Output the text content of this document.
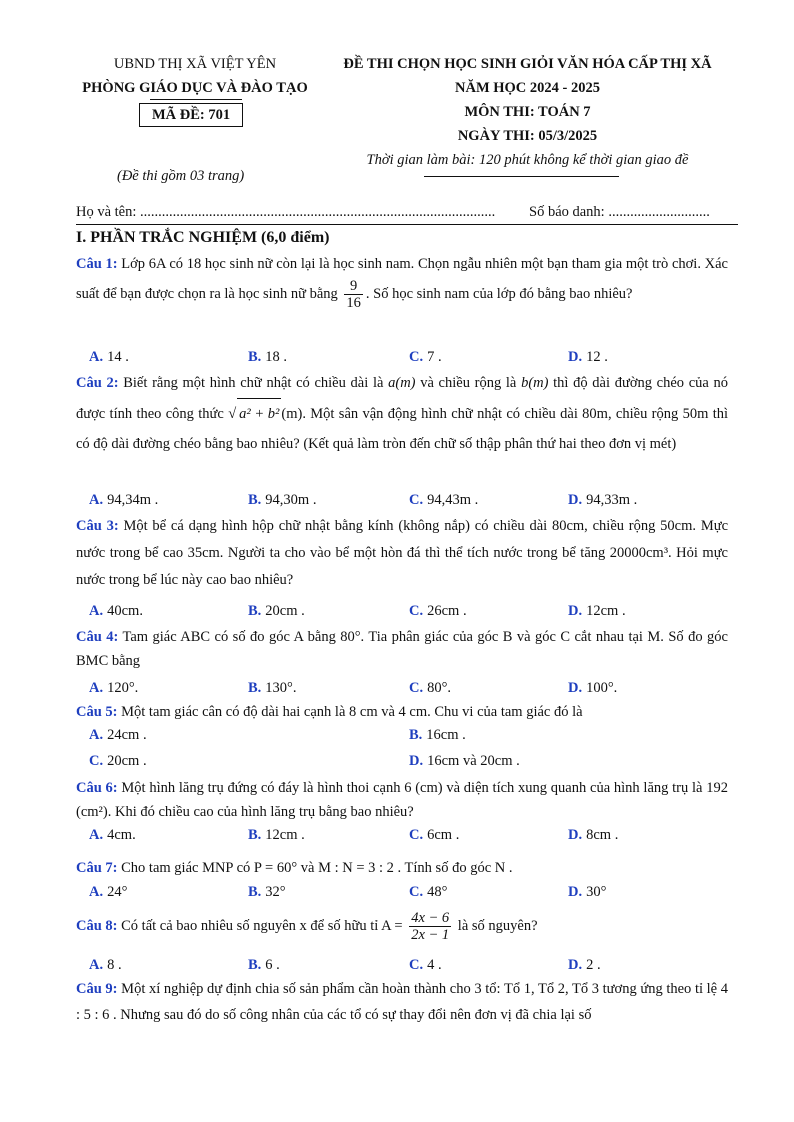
UBND THỊ XÃ VIỆT YÊN
PHÒNG GIÁO DỤC VÀ ĐÀO TẠO
MÃ ĐỀ: 701
(Đề thi gồm 03 trang)
ĐỀ THI CHỌN HỌC SINH GIỎI VĂN HÓA CẤP THỊ XÃ
NĂM HỌC 2024 - 2025
MÔN THI: TOÁN 7
NGÀY THI: 05/3/2025
Thời gian làm bài: 120 phút không kể thời gian giao đề
Họ và tên: .................................................................................................. Số báo danh: ............................
I. PHẦN TRẮC NGHIỆM (6,0 điểm)
Câu 1: Lớp 6A có 18 học sinh nữ còn lại là học sinh nam. Chọn ngẫu nhiên một bạn tham gia một trò chơi. Xác suất để bạn được chọn ra là học sinh nữ bằng $\frac{9}{16}$ . Số học sinh nam của lớp đó bằng bao nhiêu?
A. 14 .	B. 18 .	C. 7 .	D. 12 .
Câu 2: Biết rằng một hình chữ nhật có chiều dài là a(m) và chiều rộng là b(m) thì độ dài đường chéo của nó được tính theo công thức √ a² + b² (m). Một sân vận động hình chữ nhật có chiều dài 80m, chiều rộng 50m thì có độ dài đường chéo bằng bao nhiêu? (Kết quả làm tròn đến chữ số thập phân thứ hai theo đơn vị mét)
A. 94,34m .	B. 94,30m .	C. 94,43m .	D. 94,33m .
Câu 3: Một bể cá dạng hình hộp chữ nhật bằng kính (không nắp) có chiều dài 80cm, chiều rộng 50cm. Mực nước trong bể cao 35cm. Người ta cho vào bể một hòn đá thì thể tích nước trong bể tăng 20000cm³. Hỏi mực nước trong bể lúc này cao bao nhiêu?
A. 40cm.	B. 20cm .	C. 26cm .	D. 12cm .
Câu 4: Tam giác ABC có số đo góc A bằng 80°. Tia phân giác của góc B và góc C cắt nhau tại M. Số đo góc BMC bằng
A. 120°.	B. 130°.	C. 80°.	D. 100°.
Câu 5: Một tam giác cân có độ dài hai cạnh là 8 cm và 4 cm. Chu vi của tam giác đó là
A. 24cm .	B. 16cm .
C. 20cm .	D. 16cm và 20cm .
Câu 6: Một hình lăng trụ đứng có đáy là hình thoi cạnh 6 (cm) và diện tích xung quanh của hình lăng trụ là 192 (cm²). Khi đó chiều cao của hình lăng trụ bằng bao nhiêu?
A. 4cm.	B. 12cm .	C. 6cm .	D. 8cm .
Câu 7: Cho tam giác MNP có P = 60° và M : N = 3 : 2 . Tính số đo góc N .
A. 24°	B. 32°	C. 48°	D. 30°
Câu 8: Có tất cả bao nhiêu số nguyên x để số hữu tỉ $A = \frac{4x - 6}{2x - 1}$ là số nguyên?
A. 8 .	B. 6 .	C. 4 .	D. 2 .
Câu 9: Một xí nghiệp dự định chia số sản phẩm cần hoàn thành cho 3 tổ: Tổ 1, Tổ 2, Tổ 3 tương ứng theo tỉ lệ 4 : 5 : 6 . Nhưng sau đó do số công nhân của các tổ có sự thay đổi nên đơn vị đã chia lại số
